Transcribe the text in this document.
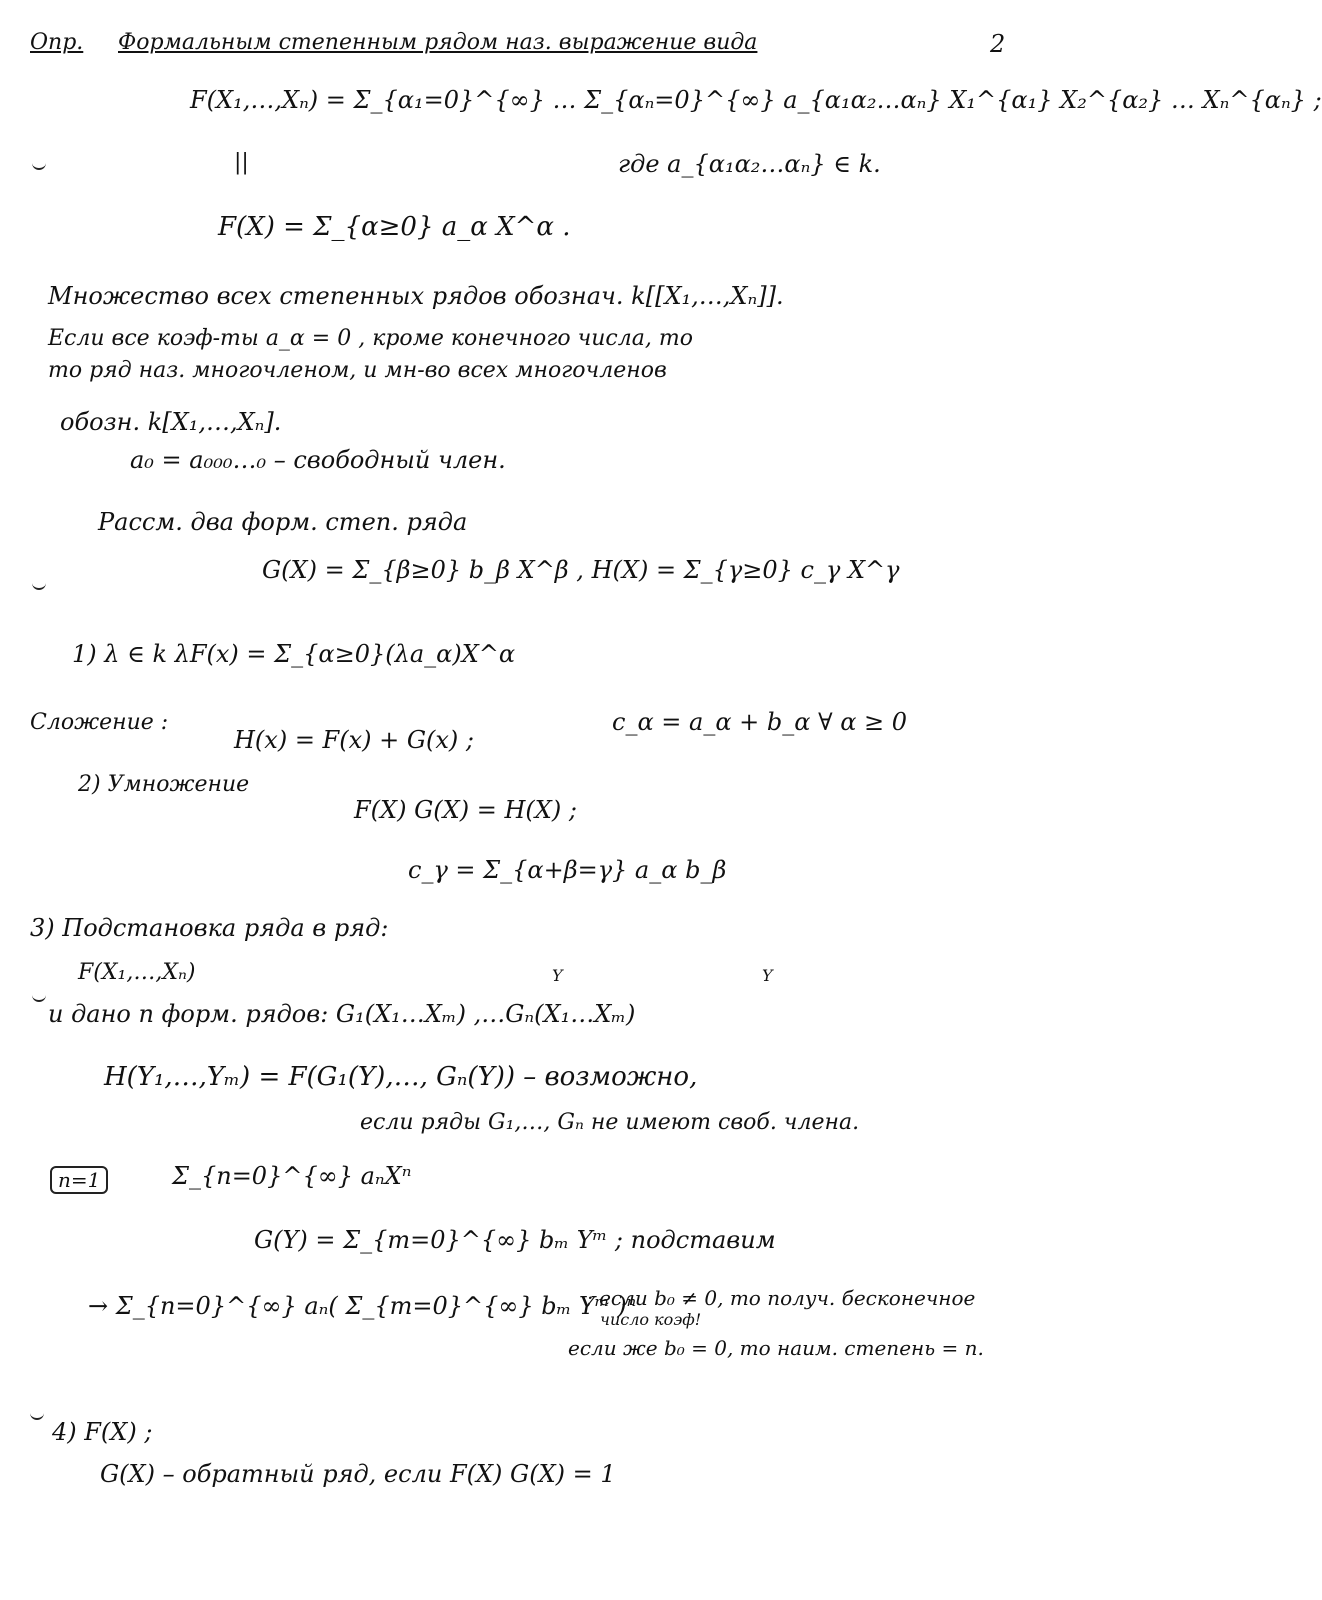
2
Опр. Формальным степенным рядом наз. выражение вида
F(X₁,…,Xₙ) = Σ_{α₁=0}^{∞} … Σ_{αₙ=0}^{∞} a_{α₁α₂…αₙ} X₁^{α₁} X₂^{α₂} … Xₙ^{αₙ} ;
||	где a_{α₁α₂…αₙ} ∈ k.
F(X) = Σ_{α≥0} a_α X^α .
Множество всех степенных рядов обознач. k[[X₁,…,Xₙ]].
Если все коэф-ты a_α = 0 , кроме конечного числа, то
то ряд наз. многочленом, и мн-во всех многочленов
обозн. k[X₁,…,Xₙ].
a₀ = a₀₀₀…₀ – свободный член.
Рассм. два форм. степ. ряда
G(X) = Σ_{β≥0} b_β X^β , H(X) = Σ_{γ≥0} c_γ X^γ
1) λ ∈ k λF(x) = Σ_{α≥0}(λa_α)X^α
Сложение :
H(x) = F(x) + G(x) ;
c_α = a_α + b_α ∀ α ≥ 0
2) Умножение
F(X) G(X) = H(X) ;
c_γ = Σ_{α+β=γ} a_α b_β
3) Подстановка ряда в ряд:
F(X₁,…,Xₙ)	Y	Y
и дано n форм. рядов: G₁(X₁…Xₘ) ,…Gₙ(X₁…Xₘ)
H(Y₁,…,Yₘ) = F(G₁(Y),…, Gₙ(Y)) – возможно,
если ряды G₁,…, Gₙ не имеют своб. члена.
n=1	Σ_{n=0}^{∞} aₙXⁿ
G(Y) = Σ_{m=0}^{∞} bₘ Yᵐ ; подставим
→ Σ_{n=0}^{∞} aₙ( Σ_{m=0}^{∞} bₘ Yᵐ )ⁿ
; если b₀ ≠ 0, то получ. бесконечное
число коэф!
если же b₀ = 0, то наим. степень = n.
4) F(X) ;
G(X) – обратный ряд, если F(X) G(X) = 1
